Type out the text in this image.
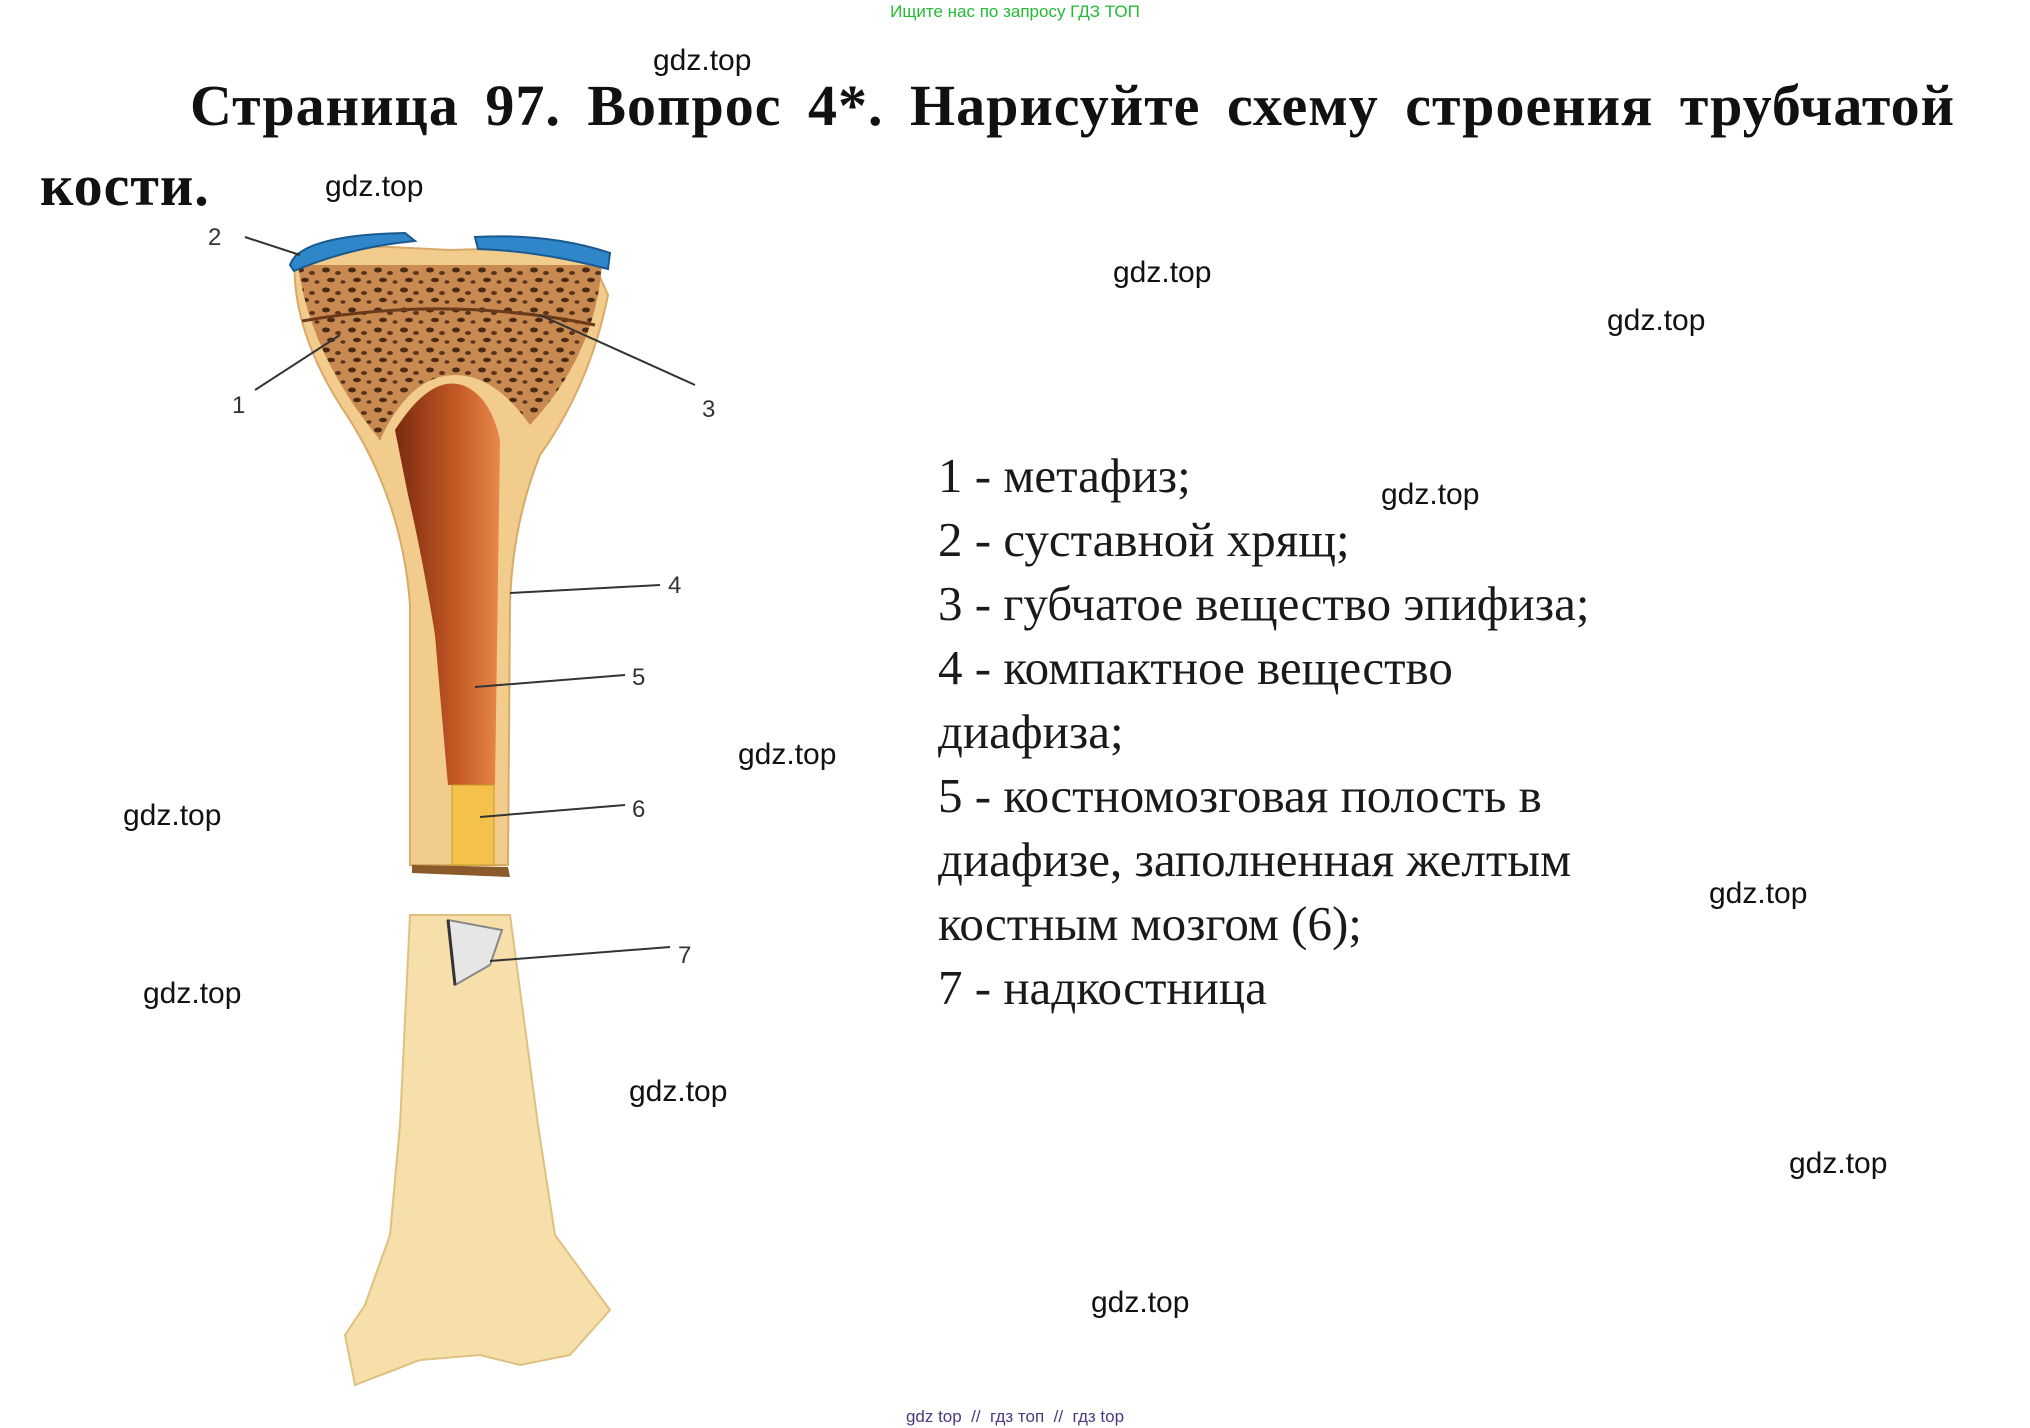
Ищите нас по запросу ГДЗ ТОП
Страница 97. Вопрос 4*. Нарисуйте схему строения трубчатой кости.
2
1	3
4
5
6
7
1 - метафиз;
2 - суставной хрящ;
3 - губчатое вещество эпифиза;
4 - компактное вещество
диафиза;
5 - костномозговая полость в
диафизе, заполненная желтым
костным мозгом (6);
7 - надкостница
gdz.top
gdz.top
gdz.top
gdz.top
gdz.top
gdz.top
gdz.top
gdz.top
gdz.top
gdz.top
gdz.top
gdz.top
gdz top  //  гдз топ  //  гдз top
